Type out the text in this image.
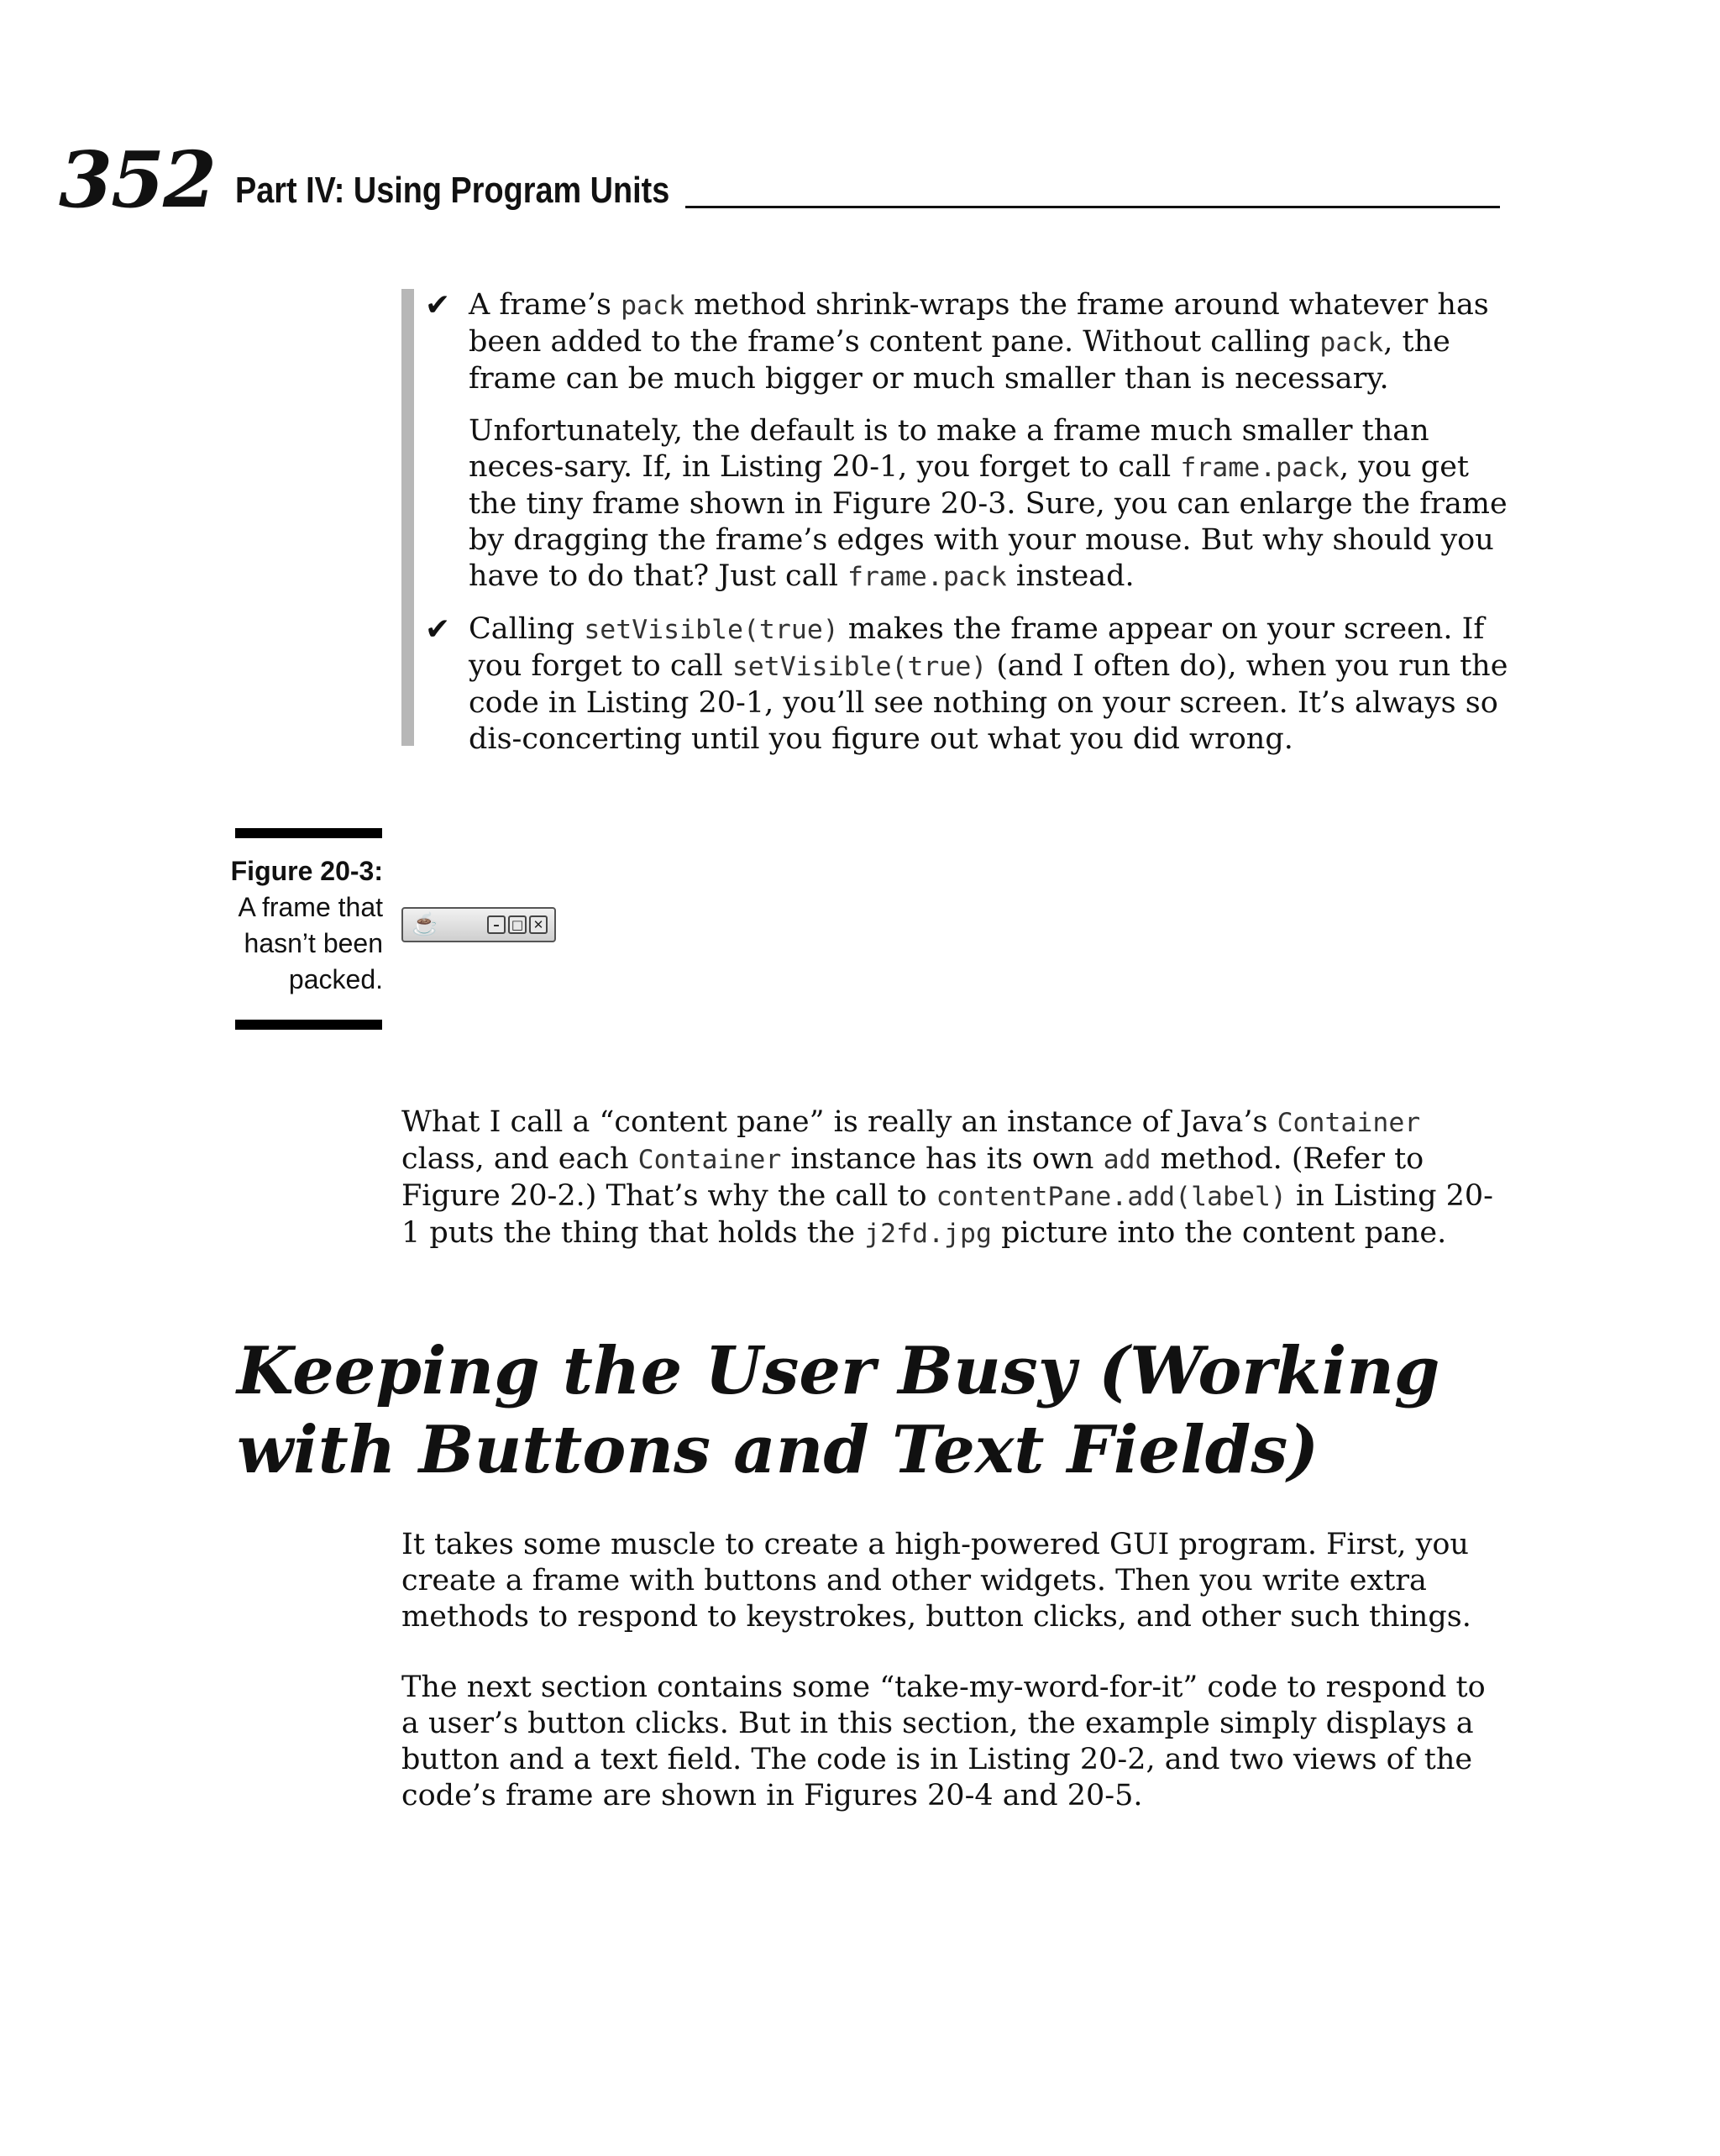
352 Part IV: Using Program Units
✔ A frame’s pack method shrink-wraps the frame around whatever has been added to the frame’s content pane. Without calling pack, the frame can be much bigger or much smaller than is necessary.

Unfortunately, the default is to make a frame much smaller than neces-sary. If, in Listing 20-1, you forget to call frame.pack, you get the tiny frame shown in Figure 20-3. Sure, you can enlarge the frame by dragging the frame’s edges with your mouse. But why should you have to do that? Just call frame.pack instead.

✔ Calling setVisible(true) makes the frame appear on your screen. If you forget to call setVisible(true) (and I often do), when you run the code in Listing 20-1, you’ll see nothing on your screen. It’s always so dis-concerting until you figure out what you did wrong.

Figure 20-3:
A frame that hasn’t been packed.
☕	– □ ✕

What I call a “content pane” is really an instance of Java’s Container class, and each Container instance has its own add method. (Refer to Figure 20-2.) That’s why the call to contentPane.add(label) in Listing 20-1 puts the thing that holds the j2fd.jpg picture into the content pane.

Keeping the User Busy (Working
with Buttons and Text Fields)

It takes some muscle to create a high-powered GUI program. First, you create a frame with buttons and other widgets. Then you write extra methods to respond to keystrokes, button clicks, and other such things.

The next section contains some “take-my-word-for-it” code to respond to a user’s button clicks. But in this section, the example simply displays a button and a text field. The code is in Listing 20-2, and two views of the code’s frame are shown in Figures 20-4 and 20-5.
